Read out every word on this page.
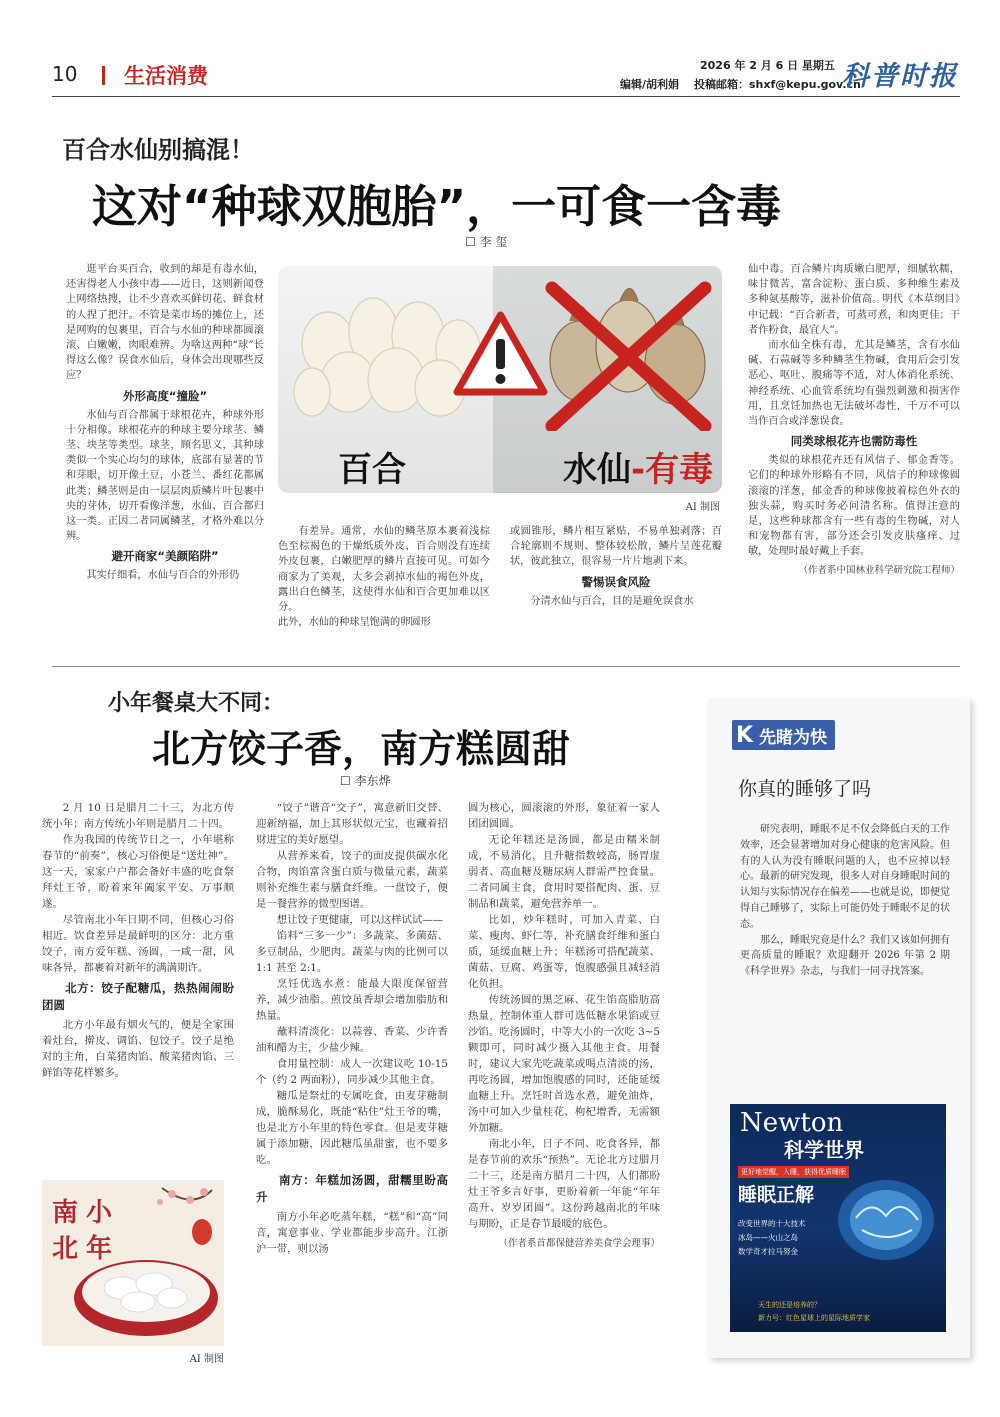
10 生活消费	2026 年 2 月 6 日 星期五
编辑/胡利娟 投稿邮箱：shxf@kepu.gov.cn
科普时报
百合水仙别搞混！
这对“种球双胞胎”，一可食一含毒
☐ 李 玺

逛平台买百合，收到的却是有毒水仙，还害得老人小孩中毒——近日，这则新闻登上网络热搜，让不少喜欢买鲜切花、鲜食材的人捏了把汗。不管是菜市场的摊位上，还是网购的包裹里，百合与水仙的种球都圆滚滚、白嫩嫩，肉眼难辨。为啥这两种“球”长得这么像？误食水仙后，身体会出现哪些反应？

外形高度“撞脸”

水仙与百合都属于球根花卉，种球外形十分相像。球根花卉的种球主要分球茎、鳞茎、块茎等类型。球茎，顾名思义，其种球类似一个实心均匀的球体，底部有显著的节和芽眼，切开像土豆，小苍兰、番红花都属此类；鳞茎则是由一层层肉质鳞片叶包裹中央的芽体，切开看像洋葱，水仙、百合都归这一类。正因二者同属鳞茎，才格外难以分辨。

避开商家“美颜陷阱”

其实仔细看，水仙与百合的外形仍

百合	水仙-有毒
AI 制图

有差异。通常，水仙的鳞茎原本裹着浅棕色至棕褐色的干燥纸质外皮，百合则没有连续外皮包裹，白嫩肥厚的鳞片直接可见。可如今商家为了美观，大多会剥掉水仙的褐色外皮，露出白色鳞茎，这使得水仙和百合更加难以区分。
此外，水仙的种球呈饱满的卵圆形

或圆锥形，鳞片相互紧贴，不易单独剥落；百合轮廓则不规则、整体较松散，鳞片呈莲花瓣状，彼此独立，很容易一片片地剥下来。

警惕误食风险

分清水仙与百合，目的是避免误食水

仙中毒。百合鳞片肉质嫩白肥厚，细腻软糯，味甘微苦，富含淀粉、蛋白质、多种维生素及多种氨基酸等，滋补价值高。明代《本草纲目》中记载：“百合新者，可蒸可煮，和肉更佳；干者作粉食，最宜人”。

而水仙全株有毒，尤其是鳞茎，含有水仙碱、石蒜碱等多种鳞茎生物碱，食用后会引发恶心、呕吐、腹痛等不适，对人体消化系统、神经系统、心血管系统均有强烈刺激和损害作用，且烹饪加热也无法破坏毒性，千万不可以当作百合或洋葱误食。

同类球根花卉也需防毒性

类似的球根花卉还有风信子、郁金香等。它们的种球外形略有不同，风信子的种球像圆滚滚的洋葱，郁金香的种球像披着棕色外衣的独头蒜，购买时务必问清名称。值得注意的是，这些种球都含有一些有毒的生物碱，对人和宠物都有害，部分还会引发皮肤瘙痒、过敏，处理时最好戴上手套。

（作者系中国林业科学研究院工程师）
小年餐桌大不同：
北方饺子香，南方糕圆甜
☐ 李东烨

2 月 10 日是腊月二十三，为北方传统小年；南方传统小年则是腊月二十四。

作为我国的传统节日之一，小年堪称春节的“前奏”，核心习俗便是“送灶神”。这一天，家家户户都会备好丰盛的吃食祭拜灶王爷，盼着来年阖家平安、万事顺遂。

尽管南北小年日期不同，但核心习俗相近。饮食差异是最鲜明的区分：北方重饺子，南方爱年糕、汤圆，一咸一甜，风味各异，都裹着对新年的满满期许。

北方：饺子配糖瓜，热热闹闹盼团圆

北方小年最有烟火气的，便是全家围着灶台，擀皮、调馅、包饺子。饺子是绝对的主角，白菜猪肉馅、酸菜猪肉馅、三鲜馅等花样繁多。

南小
北年
AI 制图

“饺子”谐音“交子”，寓意新旧交替、迎新纳福，加上其形状似元宝，也藏着招财进宝的美好愿望。

从营养来看，饺子的面皮提供碳水化合物，肉馅富含蛋白质与微量元素，蔬菜则补充维生素与膳食纤维。一盘饺子，便是一餐营养的微型图谱。

想让饺子更健康，可以这样试试——

馅料“三多一少”：多蔬菜、多菌菇、多豆制品，少肥肉。蔬菜与肉的比例可以 1:1 甚至 2:1。

烹饪优选水煮：能最大限度保留营养，减少油脂。煎饺虽香却会增加脂肪和热量。

蘸料清淡化：以蒜蓉、香菜、少许香油和醋为主，少盐少辣。

食用量控制：成人一次建议吃 10-15 个（约 2 两面粉），同步减少其他主食。

糖瓜是祭灶的专属吃食，由麦芽糖制成，脆酥易化，既能“粘住”灶王爷的嘴，也是北方小年里的特色零食。但是麦芽糖属于添加糖，因此糖瓜虽甜蜜，也不要多吃。

南方：年糕加汤圆，甜糯里盼高升

南方小年必吃蒸年糕，“糕”和“高”同音，寓意事业、学业都能步步高升。江浙沪一带，则以汤

圆为核心，圆滚滚的外形，象征着一家人团团圆圆。

无论年糕还是汤圆，都是由糯米制成，不易消化，且升糖指数较高，肠胃虚弱者、高血糖及糖尿病人群需严控食量。二者同属主食，食用时要搭配肉、蛋、豆制品和蔬菜，避免营养单一。

比如，炒年糕时，可加入青菜、白菜、瘦肉、虾仁等，补充膳食纤维和蛋白质，延缓血糖上升；年糕汤可搭配蔬菜、菌菇、豆腐、鸡蛋等，饱腹感强且减轻消化负担。

传统汤圆的黑芝麻、花生馅高脂肪高热量，控制体重人群可选低糖水果馅或豆沙馅。吃汤圆时，中等大小的一次吃 3~5 颗即可，同时减少摄入其他主食。用餐时，建议大家先吃蔬菜或喝点清淡的汤，再吃汤圆，增加饱腹感的同时，还能延缓血糖上升。烹饪时首选水煮，避免油炸，汤中可加入少量桂花、枸杞增香，无需额外加糖。

南北小年，日子不同、吃食各异，都是春节前的欢乐“预热”。无论北方过腊月二十三，还是南方腊月二十四，人们都盼灶王爷多言好事，更盼着新一年能“年年高升、岁岁团圆”。这份跨越南北的年味与期盼，正是春节最暖的底色。

（作者系首都保健营养美食学会理事）
K 先睹为快
你真的睡够了吗

研究表明，睡眠不足不仅会降低白天的工作效率，还会显著增加对身心健康的危害风险。但有的人认为没有睡眠问题的人，也不应掉以轻心。最新的研究发现，很多人对自身睡眠时间的认知与实际情况存在偏差——也就是说，即便觉得自己睡够了，实际上可能仍处于睡眠不足的状态。

那么，睡眠究竟是什么？我们又该如何拥有更高质量的睡眠？欢迎翻开 2026 年第 2 期《科学世界》杂志，与我们一同寻找答案。

Newton
科学世界
更好地觉醒，入睡，获得优质睡眠
睡眠正解
改变世界的十大技术
冰岛——火山之岛
数学奇才拉马努金
天生的还是培养的？
新力号：红色星球上的星际地质学家
